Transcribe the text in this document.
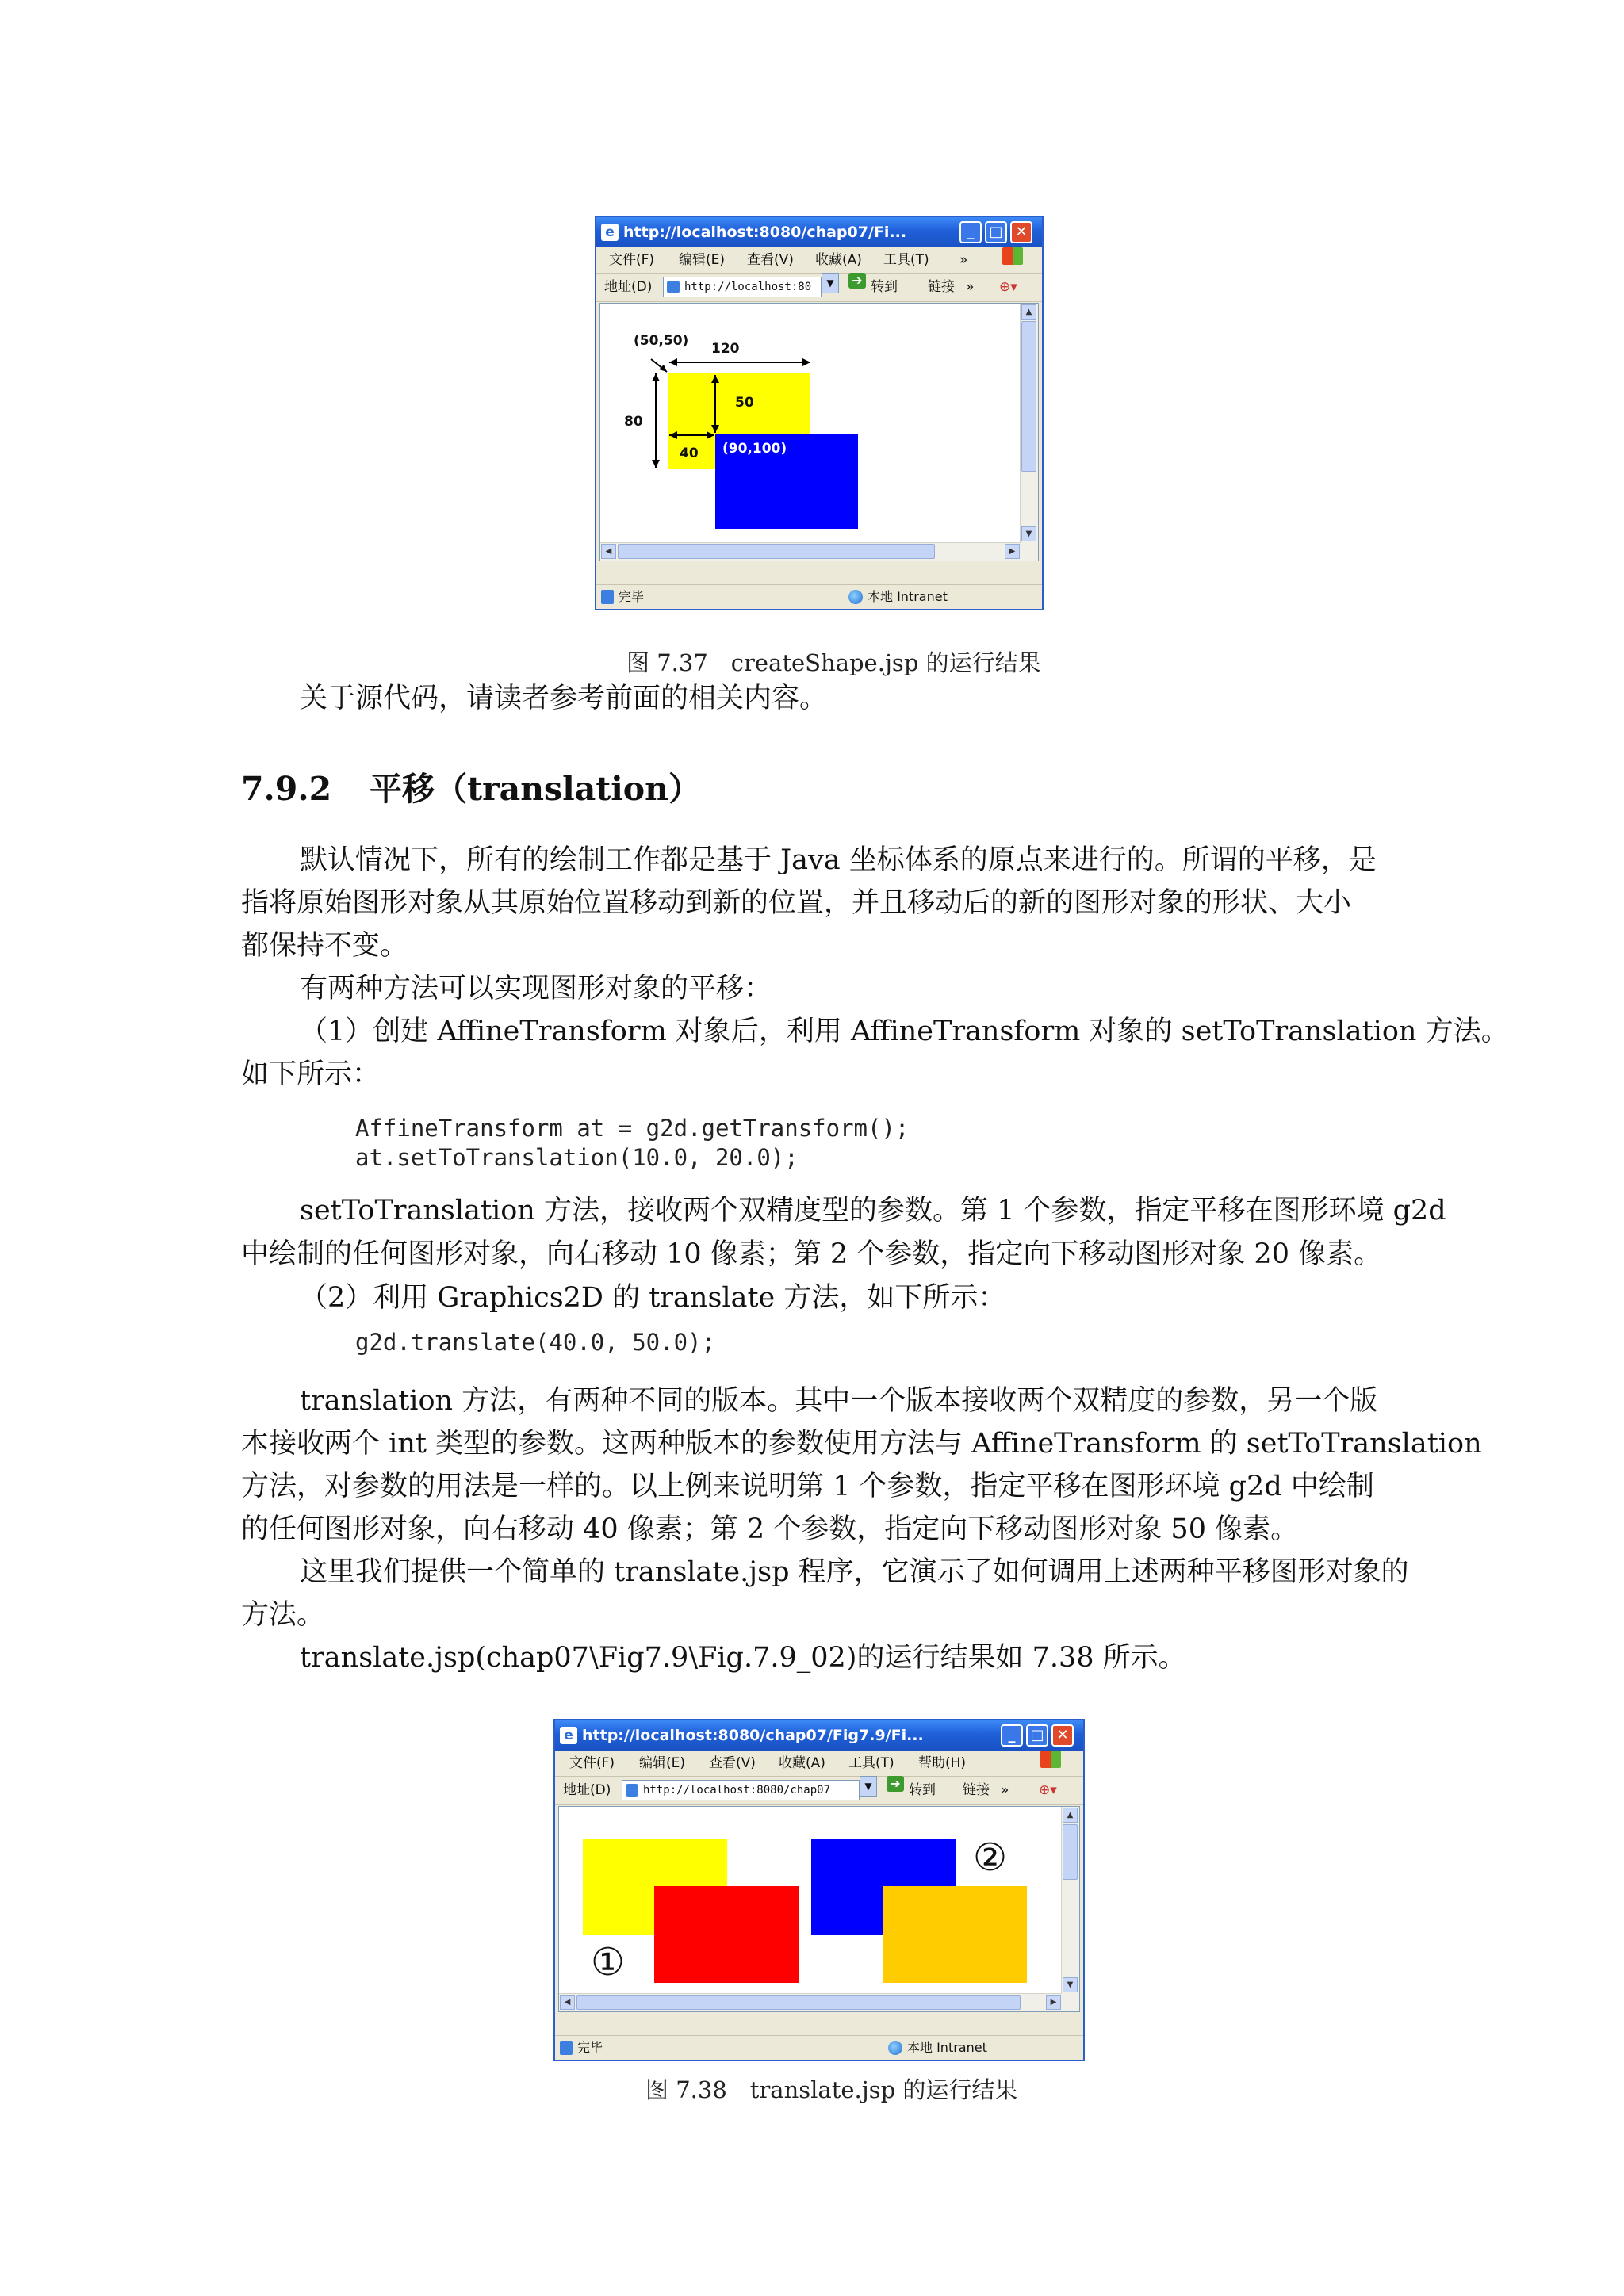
e http://localhost:8080/chap07/Fi...	_	□ ✕
文件(F) 编辑(E) 查看(V) 收藏(A) 工具(T) »
地址(D)	http://localhost:80	▼	➔ 转到 链接 » ⊕▾
(50,50) 120
80
50
40 (90,100)
▲
▼
◀	▶
完毕	本地 Intranet
图 7.37　createShape.jsp 的运行结果
关于源代码，请读者参考前面的相关内容。
7.9.2 平移（translation）
默认情况下，所有的绘制工作都是基于 Java 坐标体系的原点来进行的。所谓的平移，是
指将原始图形对象从其原始位置移动到新的位置，并且移动后的新的图形对象的形状、大小
都保持不变。
有两种方法可以实现图形对象的平移：
（1）创建 AffineTransform 对象后，利用 AffineTransform 对象的 setToTranslation 方法。
如下所示：
AffineTransform at = g2d.getTransform();
at.setToTranslation(10.0, 20.0);
setToTranslation 方法，接收两个双精度型的参数。第 1 个参数，指定平移在图形环境 g2d
中绘制的任何图形对象，向右移动 10 像素；第 2 个参数，指定向下移动图形对象 20 像素。
（2）利用 Graphics2D 的 translate 方法，如下所示：
g2d.translate(40.0, 50.0);
translation 方法，有两种不同的版本。其中一个版本接收两个双精度的参数，另一个版
本接收两个 int 类型的参数。这两种版本的参数使用方法与 AffineTransform 的 setToTranslation
方法，对参数的用法是一样的。以上例来说明第 1 个参数，指定平移在图形环境 g2d 中绘制
的任何图形对象，向右移动 40 像素；第 2 个参数，指定向下移动图形对象 50 像素。
这里我们提供一个简单的 translate.jsp 程序，它演示了如何调用上述两种平移图形对象的
方法。
translate.jsp(chap07\Fig7.9\Fig.7.9_02)的运行结果如 7.38 所示。
e http://localhost:8080/chap07/Fig7.9/Fi...	_	□ ✕
文件(F) 编辑(E) 查看(V) 收藏(A) 工具(T) 帮助(H)
地址(D)	http://localhost:8080/chap07	▼	➔ 转到 链接 » ⊕▾
①
②
▲
▼
◀	▶
完毕	本地 Intranet
图 7.38　translate.jsp 的运行结果
